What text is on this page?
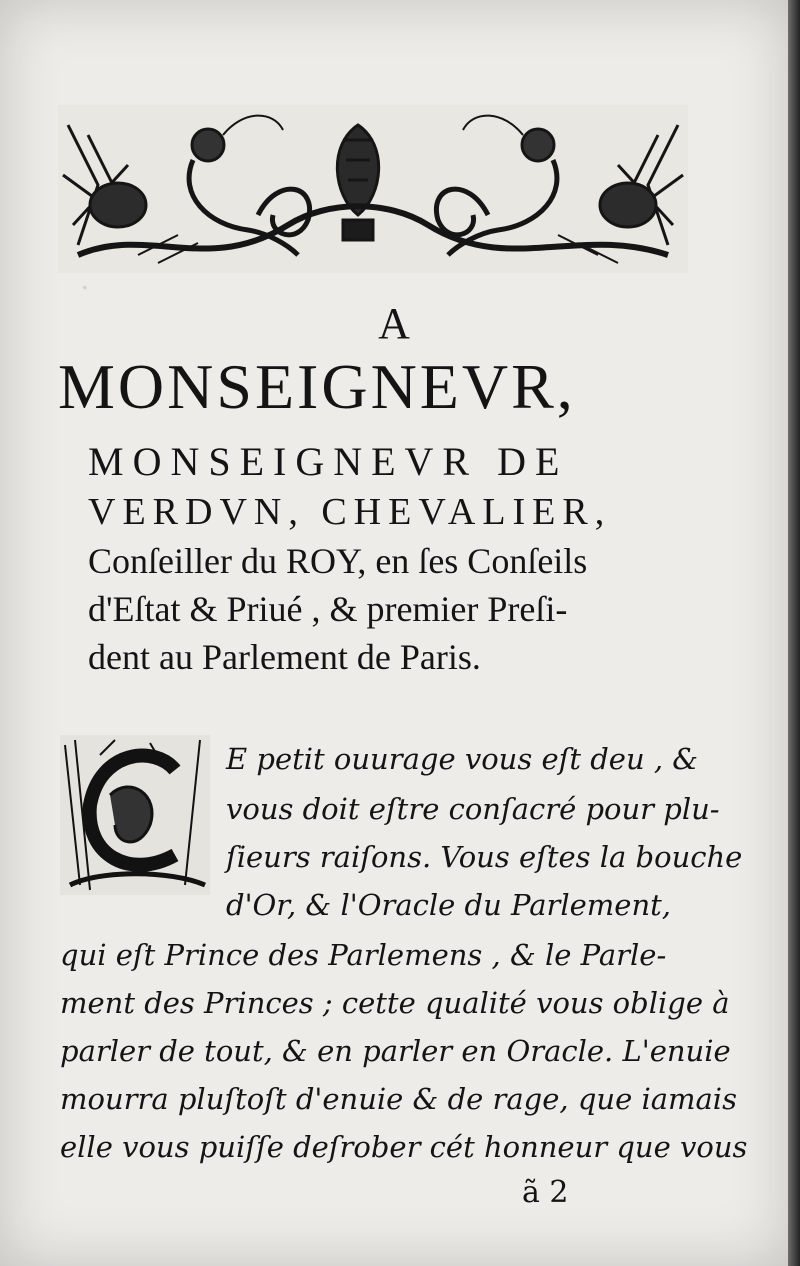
.
A
MONSEIGNEVR,
MONSEIGNEVR DE
VERDVN, CHEVALIER,
Conſeiller du ROY, en ſes Conſeils
d'Eſtat & Priué , & premier Preſi-
dent au Parlement de Paris.
E petit ouurage vous eſt deu , &
vous doit eſtre conſacré pour plu-
ſieurs raiſons. Vous eſtes la bouche
d'Or, & l'Oracle du Parlement,
qui eſt Prince des Parlemens , & le Parle-
ment des Princes ; cette qualité vous oblige à
parler de tout, & en parler en Oracle. L'enuie
mourra pluſtoſt d'enuie & de rage, que iamais
elle vous puiſſe deſrober cét honneur que vous
ã 2
